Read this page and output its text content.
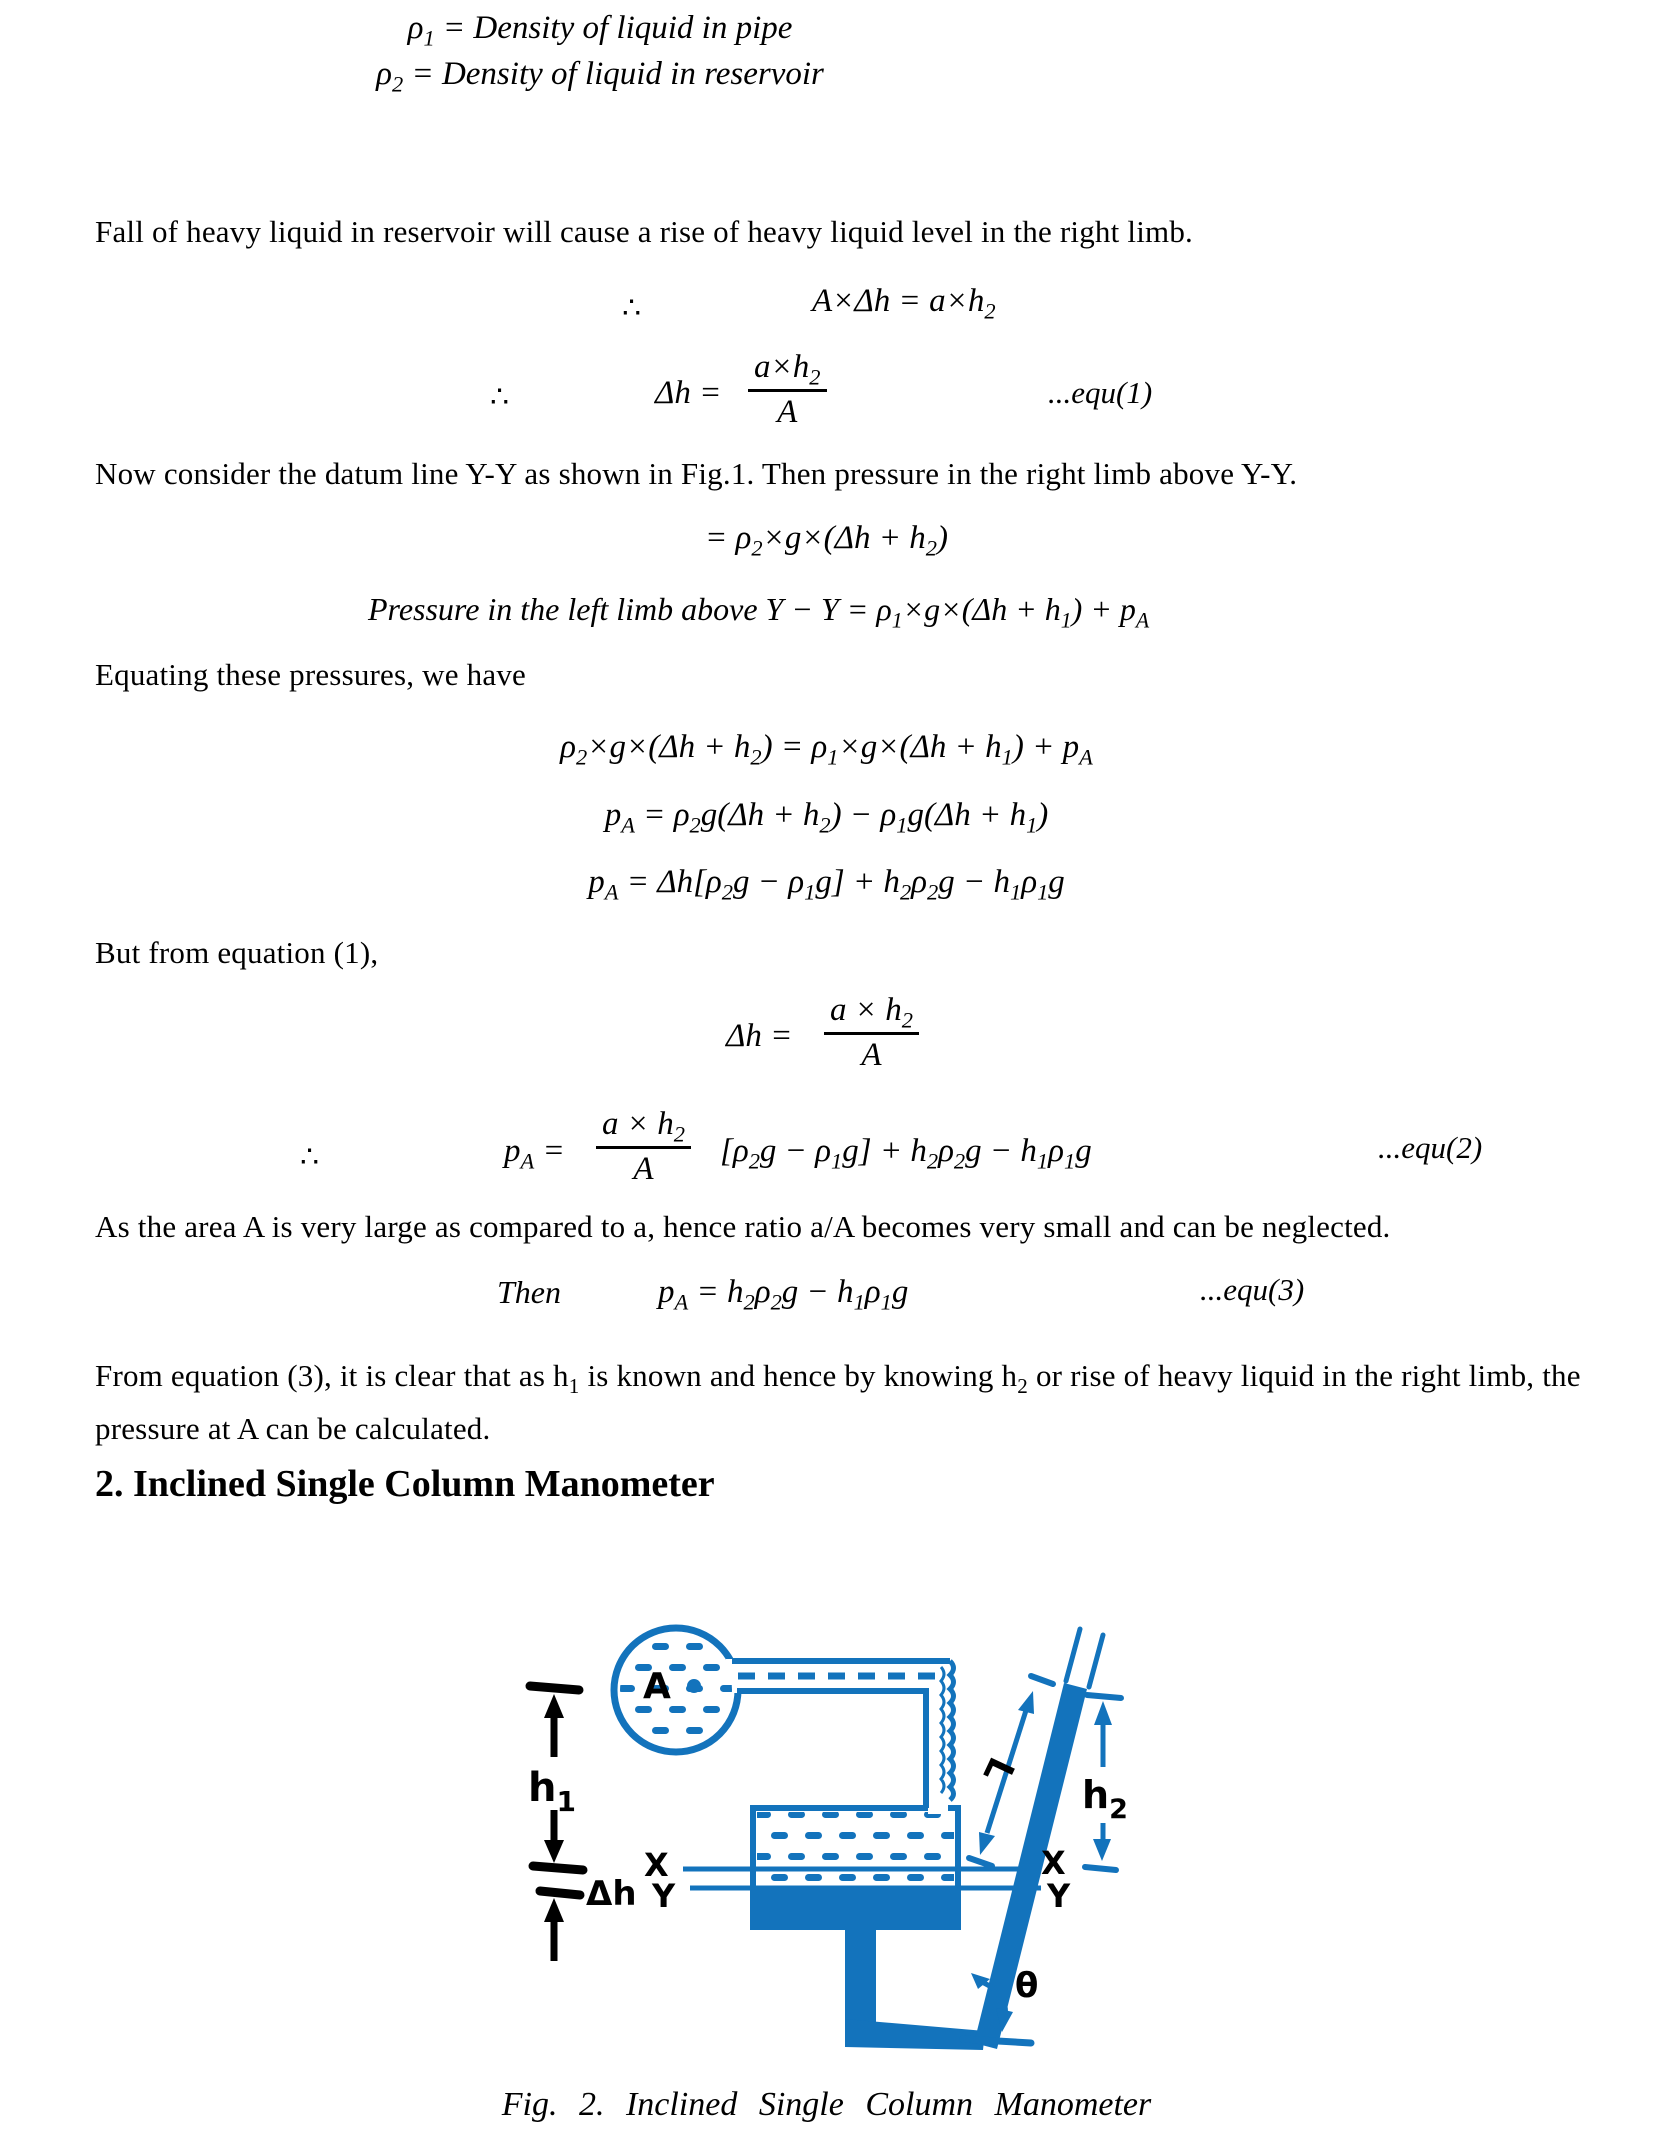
$\rho_1$ = Density of liquid in pipe
$\rho_2$ = Density of liquid in reservoir
Fall of heavy liquid in reservoir will cause a rise of heavy liquid level in the right limb.
∴	$A\times\Delta h = a\times h_2$
∴	$\Delta h = \frac{a\times h_2}{A}$	...equ(1)
Now consider the datum line Y-Y as shown in Fig.1. Then pressure in the right limb above Y-Y.
= $\rho_2\times g\times(\Delta h + h_2)$
Pressure in the left limb above $Y - Y = \rho_1\times g\times(\Delta h + h_1) + p_A$
Equating these pressures, we have
$\rho_2\times g\times(\Delta h + h_2) = \rho_1\times g\times(\Delta h + h_1) + p_A$
$p_A = \rho_2g(\Delta h + h_2) - \rho_1g(\Delta h + h_1)$
$p_A = \Delta h[\rho_2g - \rho_1g] + h_2\rho_2g - h_1\rho_1g$
But from equation (1),
$\Delta h = \frac{a \times h_2}{A}$
∴	$p_A = \frac{a \times h_2}{A} [\rho_2g - \rho_1g] + h_2\rho_2g - h_1\rho_1g$	...equ(2)
As the area A is very large as compared to a, hence ratio a/A becomes very small and can be neglected.
Then	$p_A = h_2\rho_2g - h_1\rho_1g$	...equ(3)
From equation (3), it is clear that as $h_1$ is known and hence by knowing $h_2$ or rise of heavy liquid in the right limb, the pressure at A can be calculated.
2. Inclined Single Column Manometer
L
$h_2$
θ
$h_1$
Δh
A
X
Y
X
Y
Fig. 2. Inclined Single Column Manometer
